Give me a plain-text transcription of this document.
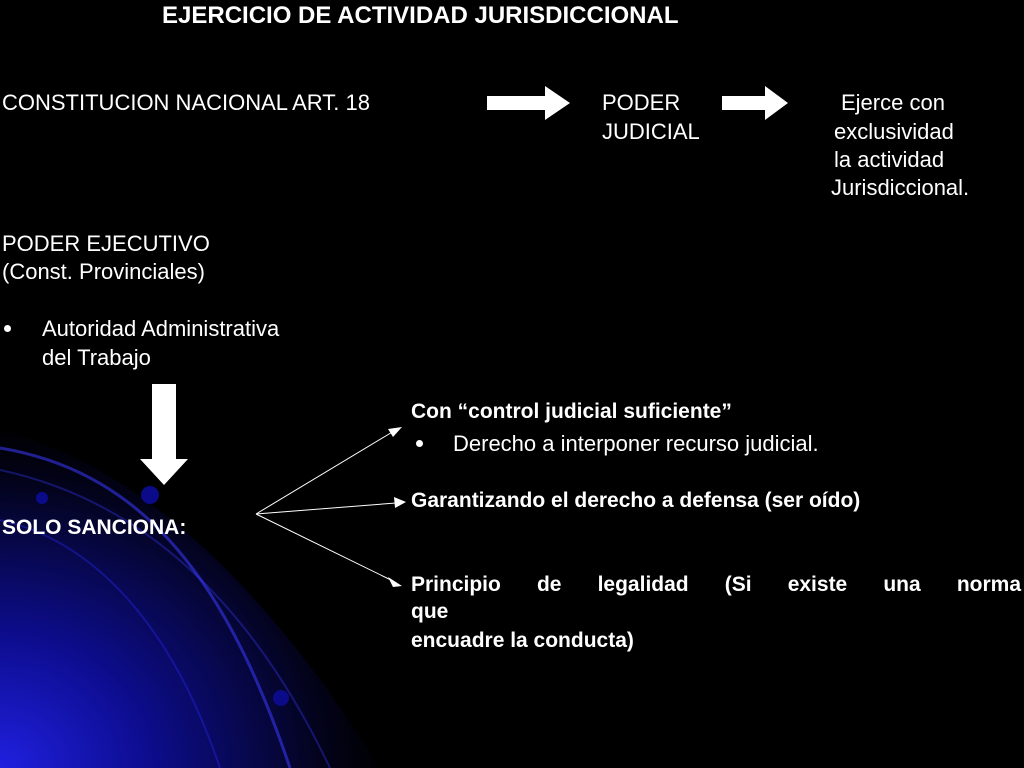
EJERCICIO DE ACTIVIDAD JURISDICCIONAL
CONSTITUCION NACIONAL ART. 18	PODER
JUDICIAL
Ejerce con
exclusividad
la actividad
Jurisdiccional.
PODER EJECUTIVO
(Const. Provinciales)
Autoridad Administrativa
del Trabajo
SOLO SANCIONA:
Con “control judicial suficiente”
Derecho a interponer recurso judicial.
Garantizando el derecho a defensa (ser oído)
Principio de legalidad (Si existe una norma
que
encuadre la conducta)
